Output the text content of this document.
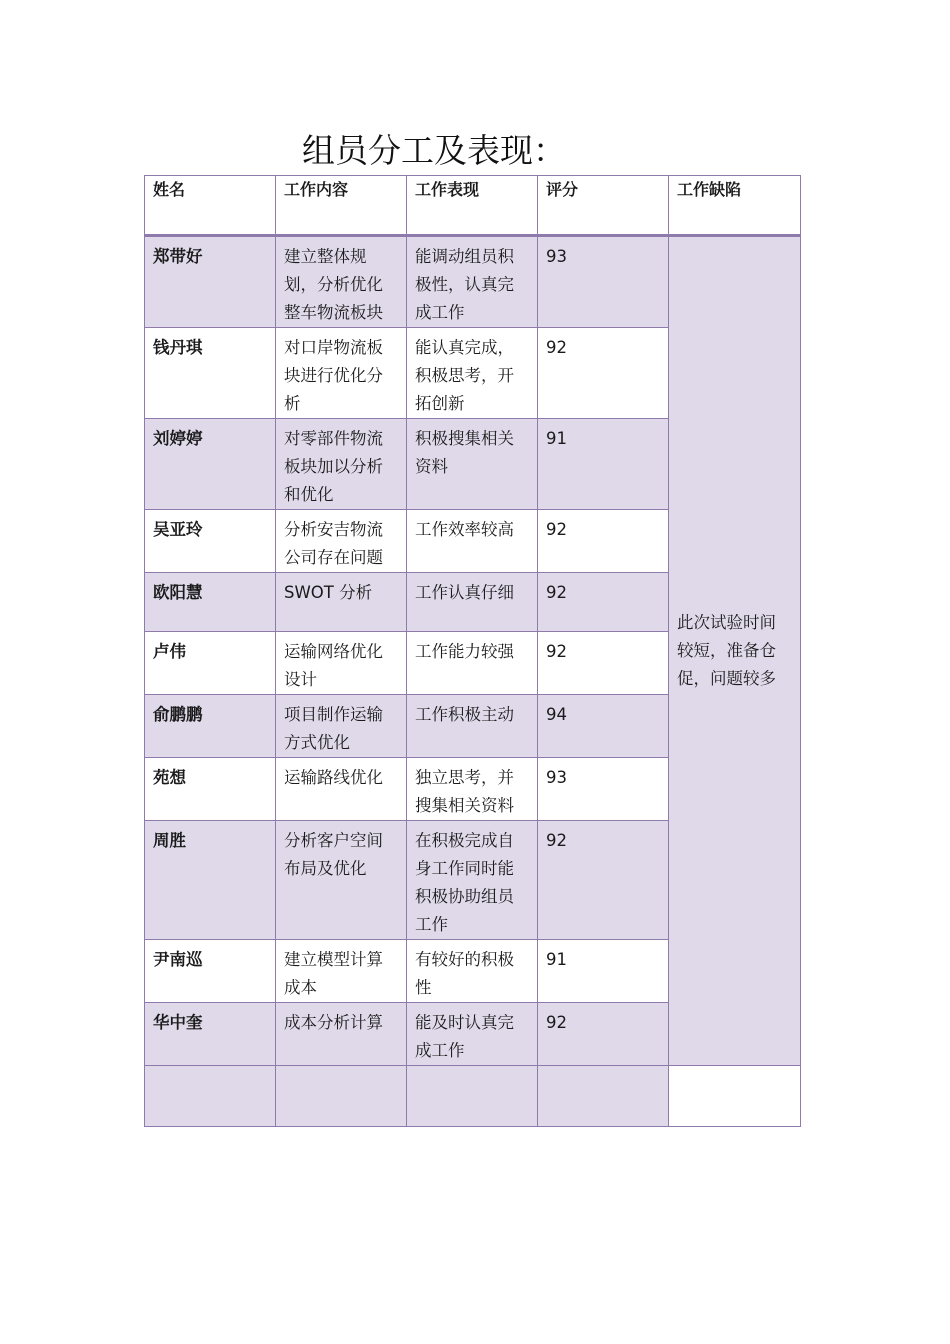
组员分工及表现：
姓名	工作内容	工作表现	评分	工作缺陷
郑带好	建立整体规划，分析优化整车物流板块	能调动组员积极性，认真完成工作	93	此次试验时间较短，准备仓促，问题较多
钱丹琪	对口岸物流板块进行优化分析	能认真完成，积极思考，开拓创新	92	
刘婷婷	对零部件物流板块加以分析和优化	积极搜集相关资料	91	
吴亚玲	分析安吉物流公司存在问题	工作效率较高	92	
欧阳慧	SWOT 分析	工作认真仔细	92	
卢伟	运输网络优化设计	工作能力较强	92	
俞鹏鹏	项目制作运输方式优化	工作积极主动	94	
苑想	运输路线优化	独立思考，并搜集相关资料	93	
周胜	分析客户空间布局及优化	在积极完成自身工作同时能积极协助组员工作	92	
尹南巡	建立模型计算成本	有较好的积极性	91	
华中奎	成本分析计算	能及时认真完成工作	92	
